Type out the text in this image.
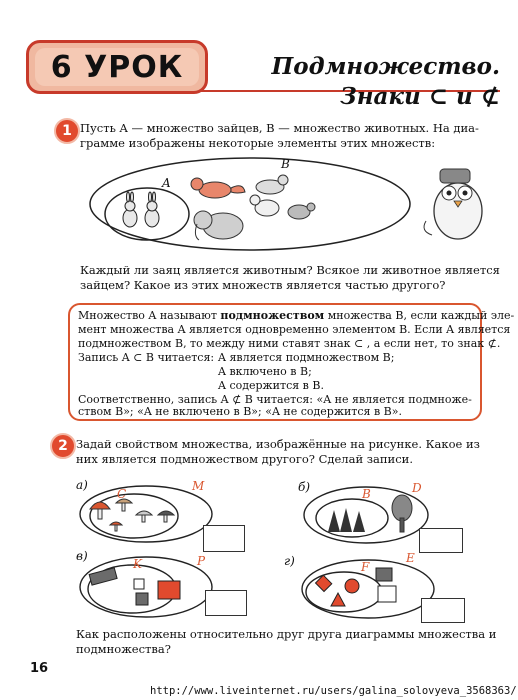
6 УРОК	Подмножество.
Знаки ⊂ и ⊄
1 Пусть A — множество зайцев, B — множество животных. На диа-
грамме изображены некоторые элементы этих множеств:
A
B
Каждый ли заяц является животным? Всякое ли животное является
зайцем? Какое из этих множеств является частью другого?
Множество A называют подмножеством множества B, если каждый эле-
мент множества A является одновременно элементом B. Если A является
подмножеством B, то между ними ставят знак ⊂ , а если нет, то знак ⊄.
Запись A ⊂ B читается: A является подмножеством B;
A включено в B;
A содержится в B.
Соответственно, запись A ⊄ B читается: «A не является подмноже-
ством B»; «A не включено в B»; «A не содержится в B».
2 Задай свойством множества, изображённые на рисунке. Какое из
них является подмножеством другого? Сделай записи.
а)
C
M	б)	B	D
в)
K	P	г)	F
E
Как расположены относительно друг друга диаграммы множества и
подмножества?
16
http://www.liveinternet.ru/users/galina_solovyeva_3568363/
